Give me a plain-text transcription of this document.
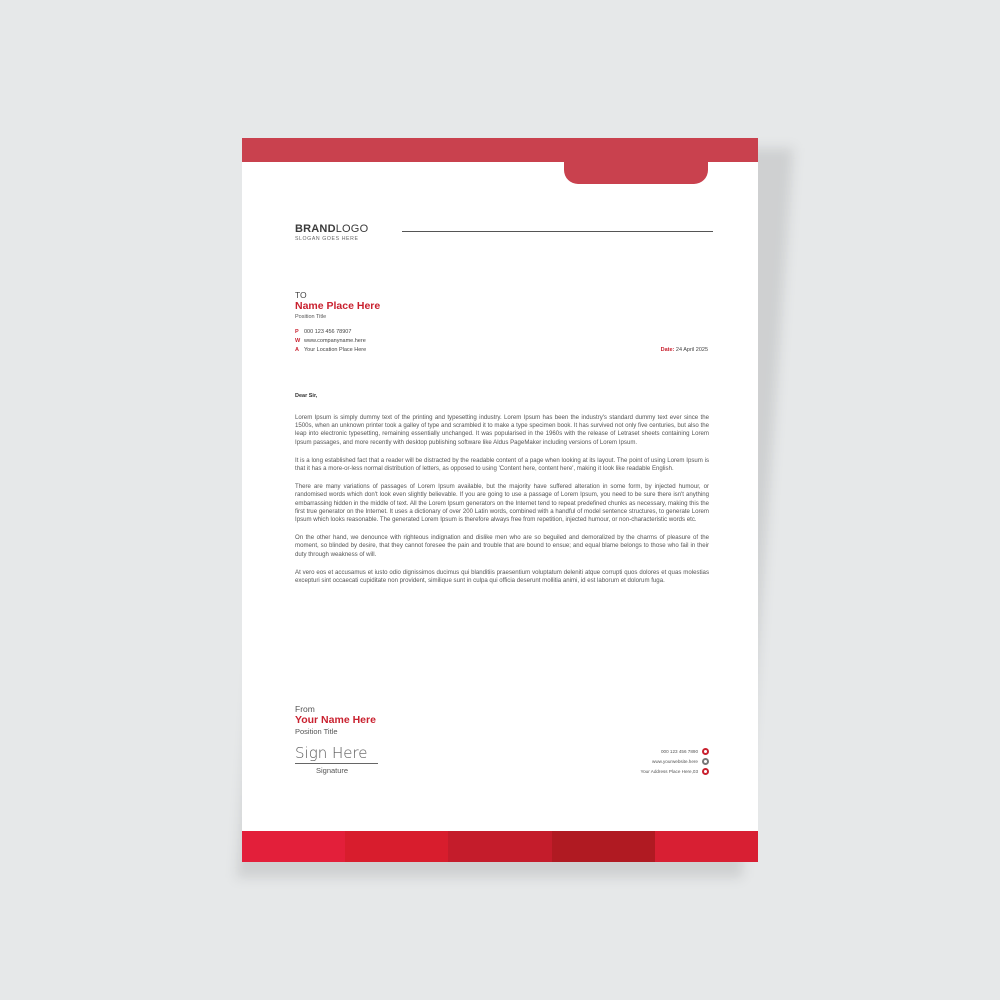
BRANDLOGO
SLOGAN GOES HERE
TO
Name Place Here
Position Title
P 000 123 456 78907
W www.companyname.here
A Your Location Place Here	Date: 24 April 2025
Dear Sir,

Lorem Ipsum is simply dummy text of the printing and typesetting industry. Lorem Ipsum has been the industry's standard dummy text ever since the 1500s, when an unknown printer took a galley of type and scrambled it to make a type specimen book. It has survived not only five centuries, but also the leap into electronic typesetting, remaining essentially unchanged. It was popularised in the 1960s with the release of Letraset sheets containing Lorem Ipsum passages, and more recently with desktop publishing software like Aldus PageMaker including versions of Lorem Ipsum.

It is a long established fact that a reader will be distracted by the readable content of a page when looking at its layout. The point of using Lorem Ipsum is that it has a more-or-less normal distribution of letters, as opposed to using 'Content here, content here', making it look like readable English.

There are many variations of passages of Lorem Ipsum available, but the majority have suffered alteration in some form, by injected humour, or randomised words which don't look even slightly believable. If you are going to use a passage of Lorem Ipsum, you need to be sure there isn't anything embarrassing hidden in the middle of text. All the Lorem Ipsum generators on the Internet tend to repeat predefined chunks as necessary, making this the first true generator on the Internet. It uses a dictionary of over 200 Latin words, combined with a handful of model sentence structures, to generate Lorem Ipsum which looks reasonable. The generated Lorem Ipsum is therefore always free from repetition, injected humour, or non-characteristic words etc.

On the other hand, we denounce with righteous indignation and dislike men who are so beguiled and demoralized by the charms of pleasure of the moment, so blinded by desire, that they cannot foresee the pain and trouble that are bound to ensue; and equal blame belongs to those who fail in their duty through weakness of will.

At vero eos et accusamus et iusto odio dignissimos ducimus qui blanditiis praesentium voluptatum deleniti atque corrupti quos dolores et quas molestias excepturi sint occaecati cupiditate non provident, similique sunt in culpa qui officia deserunt mollitia animi, id est laborum et dolorum fuga.

From
Your Name Here
Position Title
Sign Here
Signature
000 123 456 7890
www.yourwebsite.here
Your Address Place Here,03
